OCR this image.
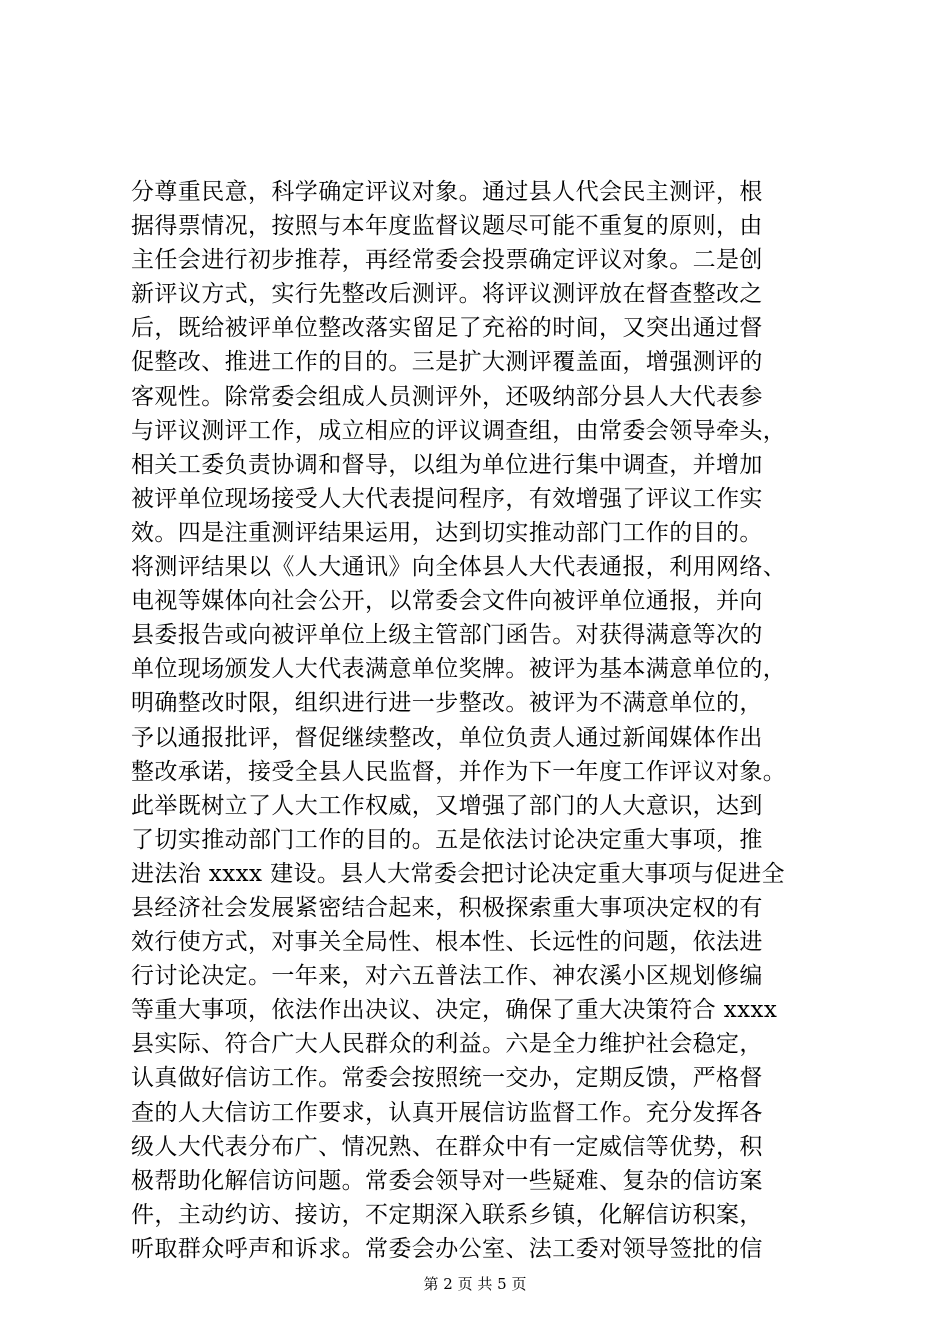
分尊重民意，科学确定评议对象。通过县人代会民主测评，根
据得票情况，按照与本年度监督议题尽可能不重复的原则，由
主任会进行初步推荐，再经常委会投票确定评议对象。二是创
新评议方式，实行先整改后测评。将评议测评放在督查整改之
后，既给被评单位整改落实留足了充裕的时间，又突出通过督
促整改、推进工作的目的。三是扩大测评覆盖面，增强测评的
客观性。除常委会组成人员测评外，还吸纳部分县人大代表参
与评议测评工作，成立相应的评议调查组，由常委会领导牵头，
相关工委负责协调和督导，以组为单位进行集中调查，并增加
被评单位现场接受人大代表提问程序，有效增强了评议工作实
效。四是注重测评结果运用，达到切实推动部门工作的目的。
将测评结果以《人大通讯》向全体县人大代表通报，利用网络、
电视等媒体向社会公开，以常委会文件向被评单位通报，并向
县委报告或向被评单位上级主管部门函告。对获得满意等次的
单位现场颁发人大代表满意单位奖牌。被评为基本满意单位的，
明确整改时限，组织进行进一步整改。被评为不满意单位的，
予以通报批评，督促继续整改，单位负责人通过新闻媒体作出
整改承诺，接受全县人民监督，并作为下一年度工作评议对象。
此举既树立了人大工作权威，又增强了部门的人大意识，达到
了切实推动部门工作的目的。五是依法讨论决定重大事项，推
进法治 xxxx 建设。县人大常委会把讨论决定重大事项与促进全
县经济社会发展紧密结合起来，积极探索重大事项决定权的有
效行使方式，对事关全局性、根本性、长远性的问题，依法进
行讨论决定。一年来，对六五普法工作、神农溪小区规划修编
等重大事项，依法作出决议、决定，确保了重大决策符合 xxxx
县实际、符合广大人民群众的利益。六是全力维护社会稳定，
认真做好信访工作。常委会按照统一交办，定期反馈，严格督
查的人大信访工作要求，认真开展信访监督工作。充分发挥各
级人大代表分布广、情况熟、在群众中有一定威信等优势，积
极帮助化解信访问题。常委会领导对一些疑难、复杂的信访案
件，主动约访、接访，不定期深入联系乡镇，化解信访积案，
听取群众呼声和诉求。常委会办公室、法工委对领导签批的信
第 2 页 共 5 页
